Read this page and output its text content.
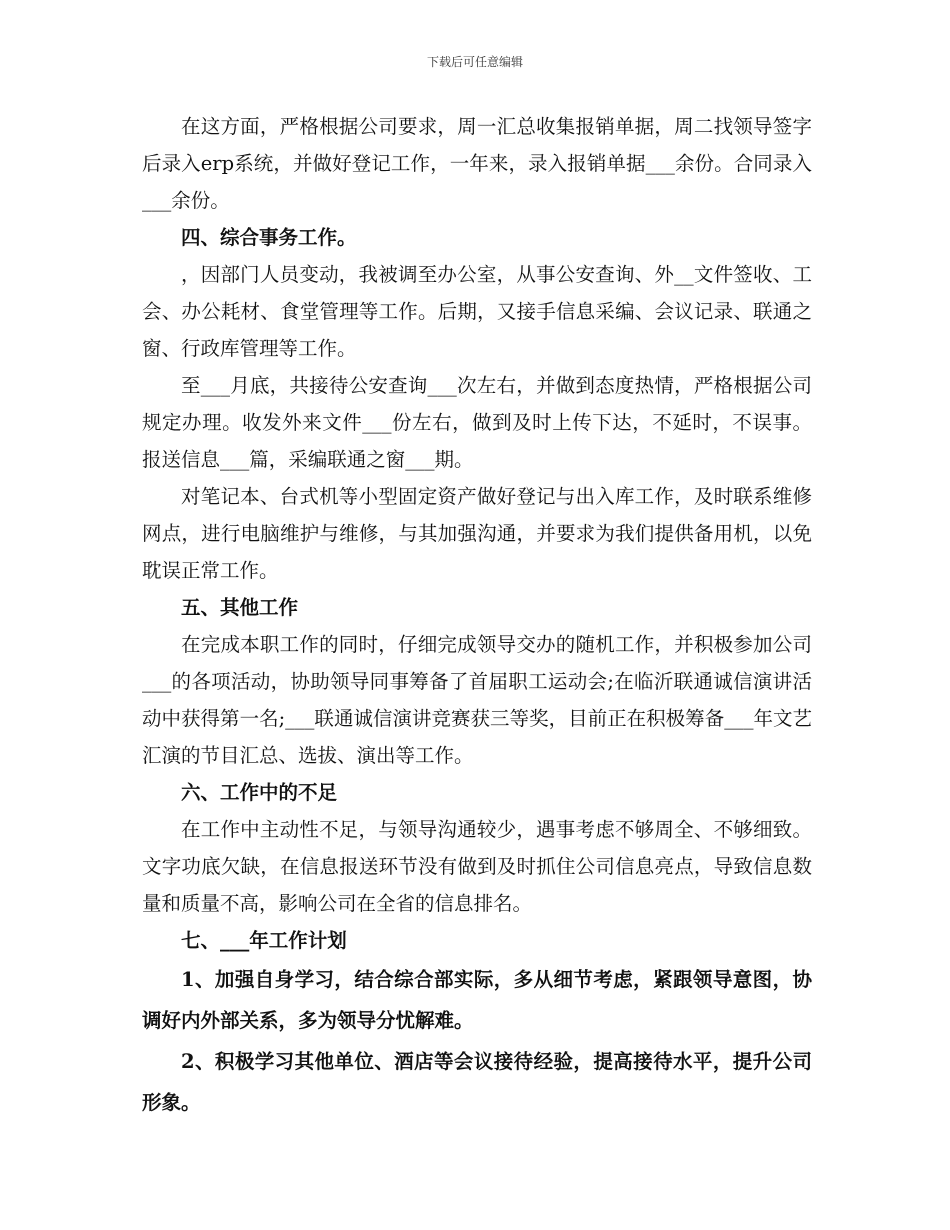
下载后可任意编辑

在这方面，严格根据公司要求，周一汇总收集报销单据，周二找领导签字后录入erp系统，并做好登记工作，一年来，录入报销单据___余份。合同录入___余份。

四、综合事务工作。

，因部门人员变动，我被调至办公室，从事公安查询、外__文件签收、工会、办公耗材、食堂管理等工作。后期，又接手信息采编、会议记录、联通之窗、行政库管理等工作。

至___月底，共接待公安查询___次左右，并做到态度热情，严格根据公司规定办理。收发外来文件___份左右，做到及时上传下达，不延时，不误事。报送信息___篇，采编联通之窗___期。

对笔记本、台式机等小型固定资产做好登记与出入库工作，及时联系维修网点，进行电脑维护与维修，与其加强沟通，并要求为我们提供备用机，以免耽误正常工作。

五、其他工作

在完成本职工作的同时，仔细完成领导交办的随机工作，并积极参加公司___的各项活动，协助领导同事筹备了首届职工运动会;在临沂联通诚信演讲活动中获得第一名;___联通诚信演讲竞赛获三等奖，目前正在积极筹备___年文艺汇演的节目汇总、选拔、演出等工作。

六、工作中的不足

在工作中主动性不足，与领导沟通较少，遇事考虑不够周全、不够细致。文字功底欠缺，在信息报送环节没有做到及时抓住公司信息亮点，导致信息数量和质量不高，影响公司在全省的信息排名。

七、___年工作计划

1、加强自身学习，结合综合部实际，多从细节考虑，紧跟领导意图，协调好内外部关系，多为领导分忧解难。

2、积极学习其他单位、酒店等会议接待经验，提高接待水平，提升公司形象。
